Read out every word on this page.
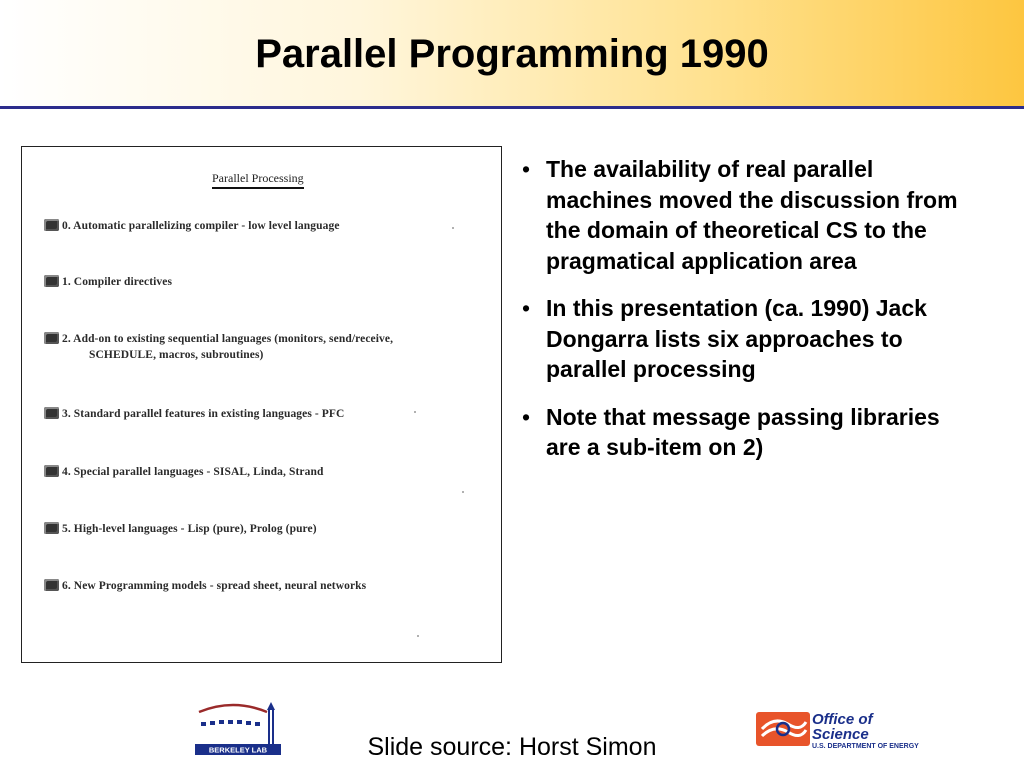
Parallel Programming 1990
Parallel Processing
0. Automatic parallelizing compiler - low level language
1. Compiler directives
2. Add-on to existing sequential languages (monitors, send/receive,
SCHEDULE, macros, subroutines)
3. Standard parallel features in existing languages - PFC
4. Special parallel languages - SISAL, Linda, Strand
5. High-level languages - Lisp (pure), Prolog (pure)
6. New Programming models - spread sheet, neural networks
• The availability of real parallel machines moved the discussion from the domain of theoretical CS to the pragmatical application area
• In this presentation (ca. 1990) Jack Dongarra lists six approaches to parallel processing
• Note that message passing libraries are a sub-item on 2)
Slide source: Horst Simon
BERKELEY LAB
Office of
Science
U.S. DEPARTMENT OF ENERGY
